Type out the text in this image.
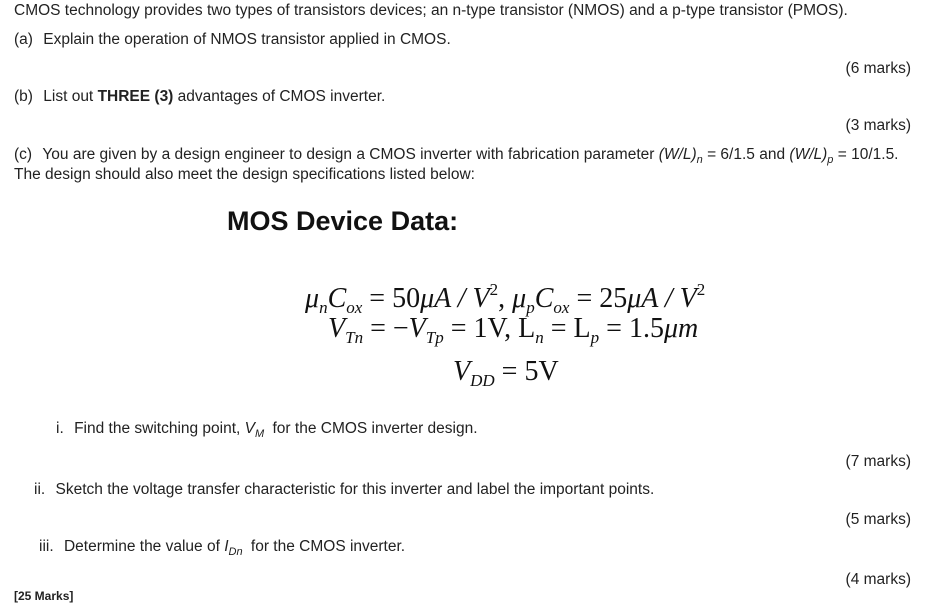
CMOS technology provides two types of transistors devices; an n-type transistor (NMOS) and a p-type transistor (PMOS).
(a) Explain the operation of NMOS transistor applied in CMOS.
(6 marks)
(b) List out THREE (3) advantages of CMOS inverter.
(3 marks)
(c) You are given by a design engineer to design a CMOS inverter with fabrication parameter $(W/L)_n = 6/1.5$ and $(W/L)_p = 10/1.5$.
The design should also meet the design specifications listed below:
MOS Device Data:
$\mu_nC_{ox} = 50\mu A / V^2$, $\mu_pC_{ox} = 25\mu A / V^2$
$V_{Tn} = -V_{Tp} = 1V$, $L_n = L_p = 1.5\mu m$
$V_{DD} = 5V$
i. Find the switching point, $V_M$ for the CMOS inverter design.
(7 marks)
ii. Sketch the voltage transfer characteristic for this inverter and label the important points.
(5 marks)
iii. Determine the value of $I_{Dn}$ for the CMOS inverter.
(4 marks)
[25 Marks]
